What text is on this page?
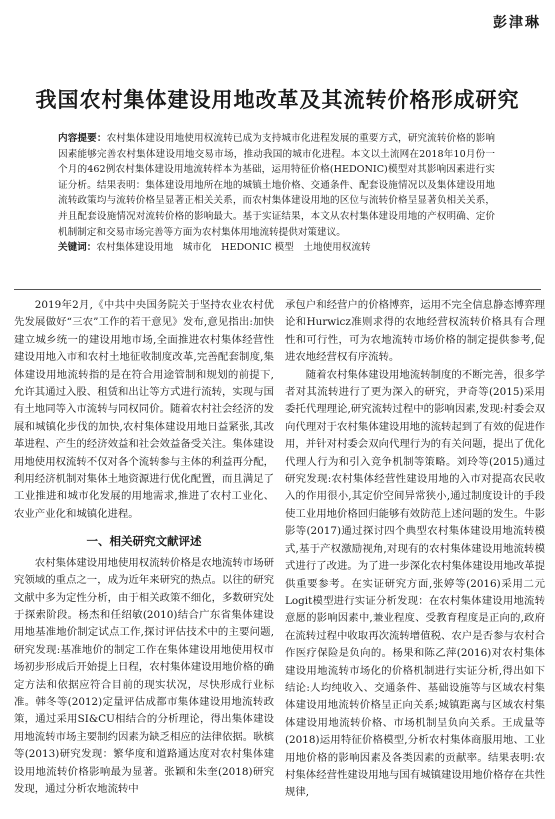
彭津琳
我国农村集体建设用地改革及其流转价格形成研究
内容提要：农村集体建设用地使用权流转已成为支持城市化进程发展的重要方式，研究流转价格的影响因素能够完善农村集体建设用地交易市场，推动我国的城市化进程。本文以土流网在2018年10月份一个月的462例农村集体建设用地流转样本为基础，运用特征价格(HEDONIC)模型对其影响因素进行实证分析。结果表明：集体建设用地所在地的城镇土地价格、交通条件、配套设施情况以及集体建设用地流转政策均与流转价格呈显著正相关关系，而农村集体建设用地的区位与流转价格呈显著负相关关系，并且配套设施情况对流转价格的影响最大。基于实证结果，本文从农村集体建设用地的产权明确、定价机制制定和交易市场完善等方面为农村集体用地流转提供对策建议。
关键词：农村集体建设用地　城市化　HEDONIC 模型　土地使用权流转

2019年2月,《中共中央国务院关于坚持农业农村优先发展做好“三农”工作的若干意见》发布,意见指出:加快建立城乡统一的建设用地市场,全面推进农村集体经营性建设用地入市和农村土地征收制度改革,完善配套制度,集体建设用地流转指的是在符合用途管制和规划的前提下,允许其通过入股、租赁和出让等方式进行流转，实现与国有土地同等入市流转与同权同价。随着农村社会经济的发展和城镇化步伐的加快,农村集体建设用地日益紧张,其改革进程、产生的经济效益和社会效益备受关注。集体建设用地使用权流转不仅对各个流转参与主体的利益再分配，利用经济机制对集体土地资源进行优化配置，而且满足了工业推进和城市化发展的用地需求,推进了农村工业化、农业产业化和城镇化进程。

一、相关研究文献评述

农村集体建设用地使用权流转价格是农地流转市场研究领域的重点之一，成为近年来研究的热点。以往的研究文献中多为定性分析，由于相关政策不细化，多数研究处于探索阶段。杨杰和任绍敏(2010)结合广东省集体建设用地基准地价制定试点工作,探讨评估技术中的主要问题,研究发现:基准地价的制定工作在集体建设用地使用权市场初步形成后开始提上日程，农村集体建设用地价格的确定方法和依据应符合目前的现实状况，尽快形成行业标准。韩冬等(2012)定量评估成都市集体建设用地流转政策，通过采用SI&CU相结合的分析理论，得出集体建设用地流转市场主要制约因素为缺乏相应的法律依据。耿槟等(2013)研究发现：繁华度和道路通达度对农村集体建设用地流转价格影响最为显著。张颖和朱奎(2018)研究发现，通过分析农地流转中

承包户和经营户的价格博弈，运用不完全信息静态博弈理论和Hurwicz准则求得的农地经营权流转价格具有合理性和可行性，可为农地流转市场价格的制定提供参考,促进农地经营权有序流转。

随着农村集体建设用地流转制度的不断完善，很多学者对其流转进行了更为深入的研究，尹奇等(2015)采用委托代理理论,研究流转过程中的影响因素,发现:村委会双向代理对于农村集体建设用地的流转起到了有效的促进作用，并针对村委会双向代理行为的有关问题，提出了优化代理人行为和引入竞争机制等策略。刘玲等(2015)通过研究发现:农村集体经营性建设用地的入市对提高农民收入的作用很小,其定价空间异常狭小,通过制度设计的手段使工业用地价格回归能够有效防范上述问题的发生。牛影影等(2017)通过探讨四个典型农村集体建设用地流转模式,基于产权激励视角,对现有的农村集体建设用地流转模式进行了改进。为了进一步深化农村集体建设用地改革提供重要参考。在实证研究方面,张婷等(2016)采用二元Logit模型进行实证分析发现：在农村集体建设用地流转意愿的影响因素中,兼业程度、受教育程度是正向的,政府在流转过程中收取再次流转增值税、农户是否参与农村合作医疗保险是负向的。杨果和陈乙萍(2016)对农村集体建设用地流转市场化的价格机制进行实证分析,得出如下结论:人均纯收入、交通条件、基础设施等与区域农村集体建设用地流转价格呈正向关系;城镇距离与区域农村集体建设用地流转价格、市场机制呈负向关系。王成量等(2018)运用特征价格模型,分析农村集体商服用地、工业用地价格的影响因素及各类因素的贡献率。结果表明:农村集体经营性建设用地与国有城镇建设用地价格存在共性规律,
